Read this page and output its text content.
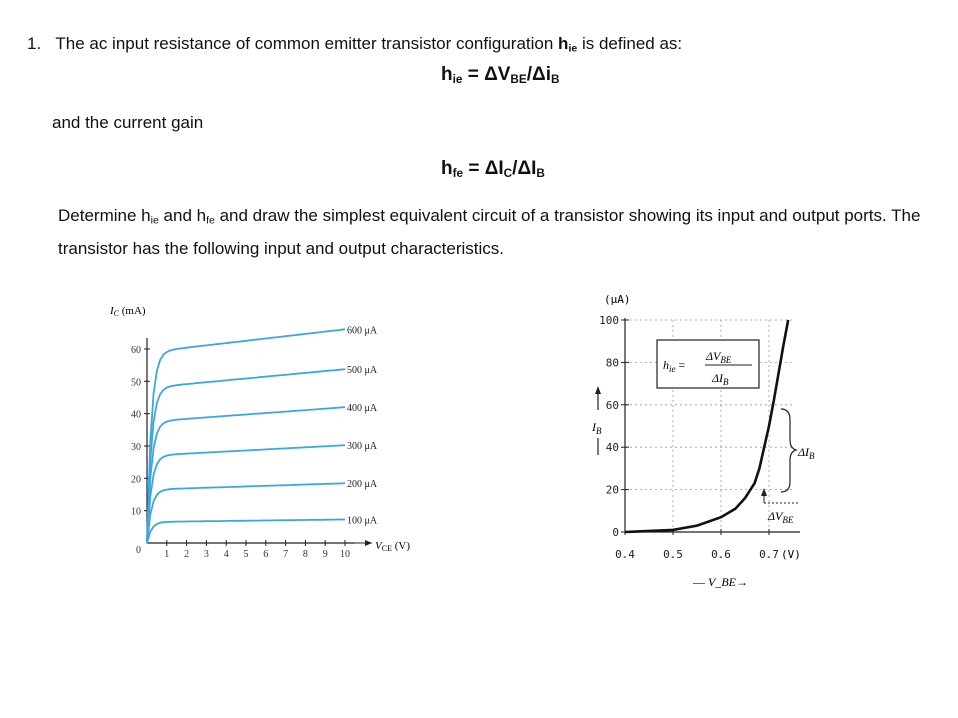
1. The ac input resistance of common emitter transistor configuration $h_{ie}$ is defined as:
$h_{ie} = \Delta V_{BE}/\Delta i_B$
and the current gain
$h_{fe} = \Delta I_C/\Delta I_B$
Determine $h_{ie}$ and $h_{fe}$ and draw the simplest equivalent circuit of a transistor showing its input and output ports. The transistor has the following input and output characteristics.
IC (mA)
0
10
20
30
40
50
60
1 2 3 4 5 6 7 8 9 10
600 μA
500 μA
400 μA
300 μA
200 μA
100 μA
VCE (V)
(μA)
0
20
40
60
80
100
0.4	0.5	0.6	0.7
$I_B$
$h_{ie}$ =
$\Delta V_{BE}$
$\Delta I_B$
$\Delta I_B$
$\Delta V_{BE}$
— V_BE→
(V)
